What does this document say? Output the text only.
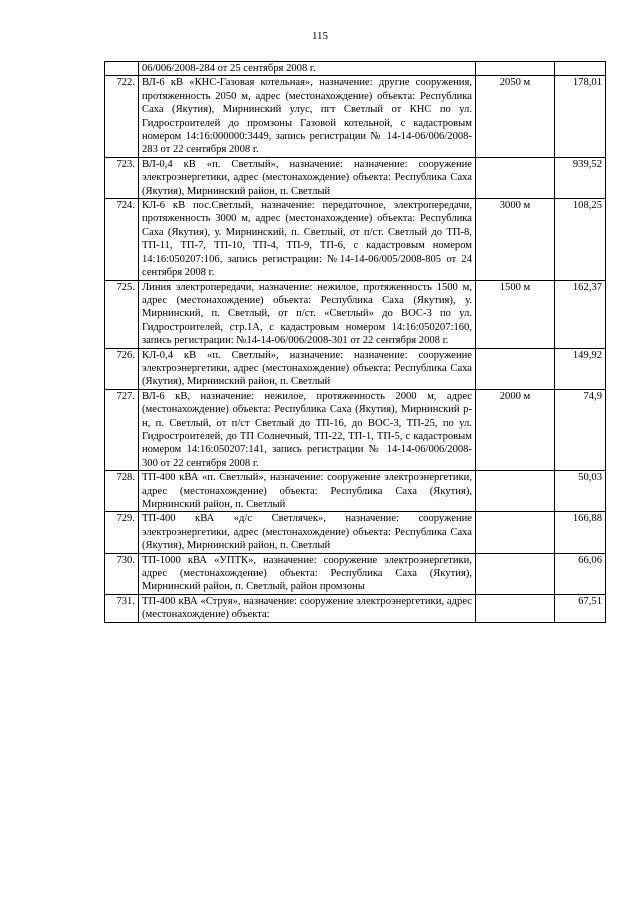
115
	06/006/2008-284 от 25 сентября 2008 г.		
722.	ВЛ-6 кВ «КНС-Газовая котельная», назначение: другие сооружения, протяженность 2050 м, адрес (местонахождение) объекта: Республика Саха (Якутия), Мирнинский улус, пгт Светлый от КНС по ул. Гидростроителей до промзоны Газовой котельной, с кадастровым номером 14:16:000000:3449, запись регистрации № 14-14-06/006/2008-283 от 22 сентября 2008 г.	2050 м	178,01
723.	ВЛ-0,4 кВ «п. Светлый», назначение: назначение: сооружение электроэнергетики, адрес (местонахождение) объекта: Республика Саха (Якутия), Мирнинский район, п. Светлый		939,52
724.	КЛ-6 кВ пос.Светлый, назначение: передаточное, электропередачи, протяженность 3000 м, адрес (местонахождение) объекта: Республика Саха (Якутия), у. Мирнинский, п. Светлый, от п/ст. Светлый до ТП-8, ТП-11, ТП-7, ТП-10, ТП-4, ТП-9, ТП-6, с кадастровым номером 14:16:050207:106, запись регистрации: №14-14-06/005/2008-805 от 24 сентября 2008 г.	3000 м	108,25
725.	Линия электропередачи, назначение: нежилое, протяженность 1500 м, адрес (местонахождение) объекта: Республика Саха (Якутия), у. Мирнинский, п. Светлый, от п/ст. «Светлый» до ВОС-3 по ул. Гидростроителей, стр.1А, с кадастровым номером 14:16:050207:160, запись регистрации: №14-14-06/006/2008-301 от 22 сентября 2008 г.	1500 м	162,37
726.	КЛ-0,4 кВ «п. Светлый», назначение: назначение: сооружение электроэнергетики, адрес (местонахождение) объекта: Республика Саха (Якутия), Мирнинский район, п. Светлый		149,92
727.	ВЛ-6 кВ, назначение: нежилое, протяженность 2000 м, адрес (местонахождение) объекта: Республика Саха (Якутия), Мирнинский р-н, п. Светлый, от п/ст Светлый до ТП-16, до ВОС-3, ТП-25, по ул. Гидростроителей, до ТП Солнечный, ТП-22, ТП-1, ТП-5, с кадастровым номером 14:16:050207:141, запись регистрации № 14-14-06/006/2008-300 от 22 сентября 2008 г.	2000 м	74,9
728.	ТП-400 кВА «п. Светлый», назначение: сооружение электроэнергетики, адрес (местонахождение) объекта: Республика Саха (Якутия), Мирнинский район, п. Светлый		50,03
729.	ТП-400 кВА «д/с Светлячек», назначение: сооружение электроэнергетики, адрес (местонахождение) объекта: Республика Саха (Якутия), Мирнинский район, п. Светлый		166,88
730.	ТП-1000 кВА «УПТК», назначение: сооружение электроэнергетики, адрес (местонахождение) объекта: Республика Саха (Якутия), Мирнинский район, п. Светлый, район промзоны		66,06
731.	ТП-400 кВА «Струя», назначение: сооружение электроэнергетики, адрес (местонахождение) объекта:		67,51
